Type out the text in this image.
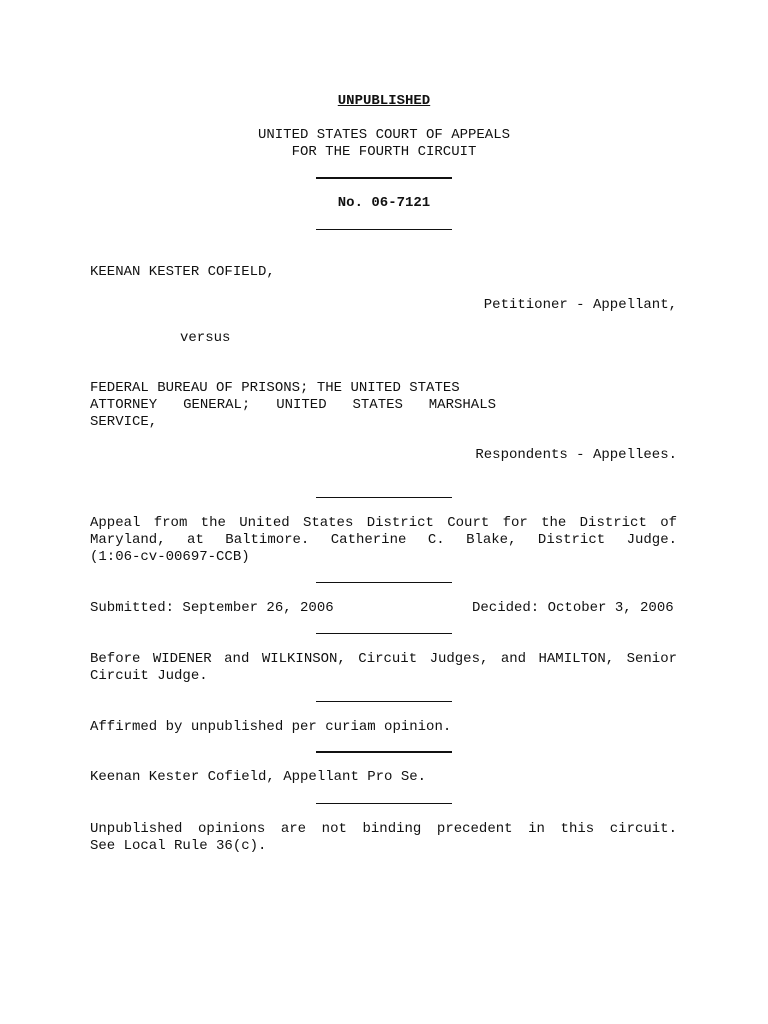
UNPUBLISHED
UNITED STATES COURT OF APPEALS
FOR THE FOURTH CIRCUIT
No. 06-7121
KEENAN KESTER COFIELD,
Petitioner - Appellant,
versus
FEDERAL BUREAU OF PRISONS; THE UNITED STATES
ATTORNEY GENERAL; UNITED STATES MARSHALS
SERVICE,
Respondents - Appellees.
Appeal from the United States District Court for the District of
Maryland, at Baltimore. Catherine C. Blake, District Judge.
(1:06-cv-00697-CCB)
Submitted: September 26, 2006	Decided: October 3, 2006
Before WIDENER and WILKINSON, Circuit Judges, and HAMILTON, Senior
Circuit Judge.
Affirmed by unpublished per curiam opinion.
Keenan Kester Cofield, Appellant Pro Se.
Unpublished opinions are not binding precedent in this circuit.
See Local Rule 36(c).
